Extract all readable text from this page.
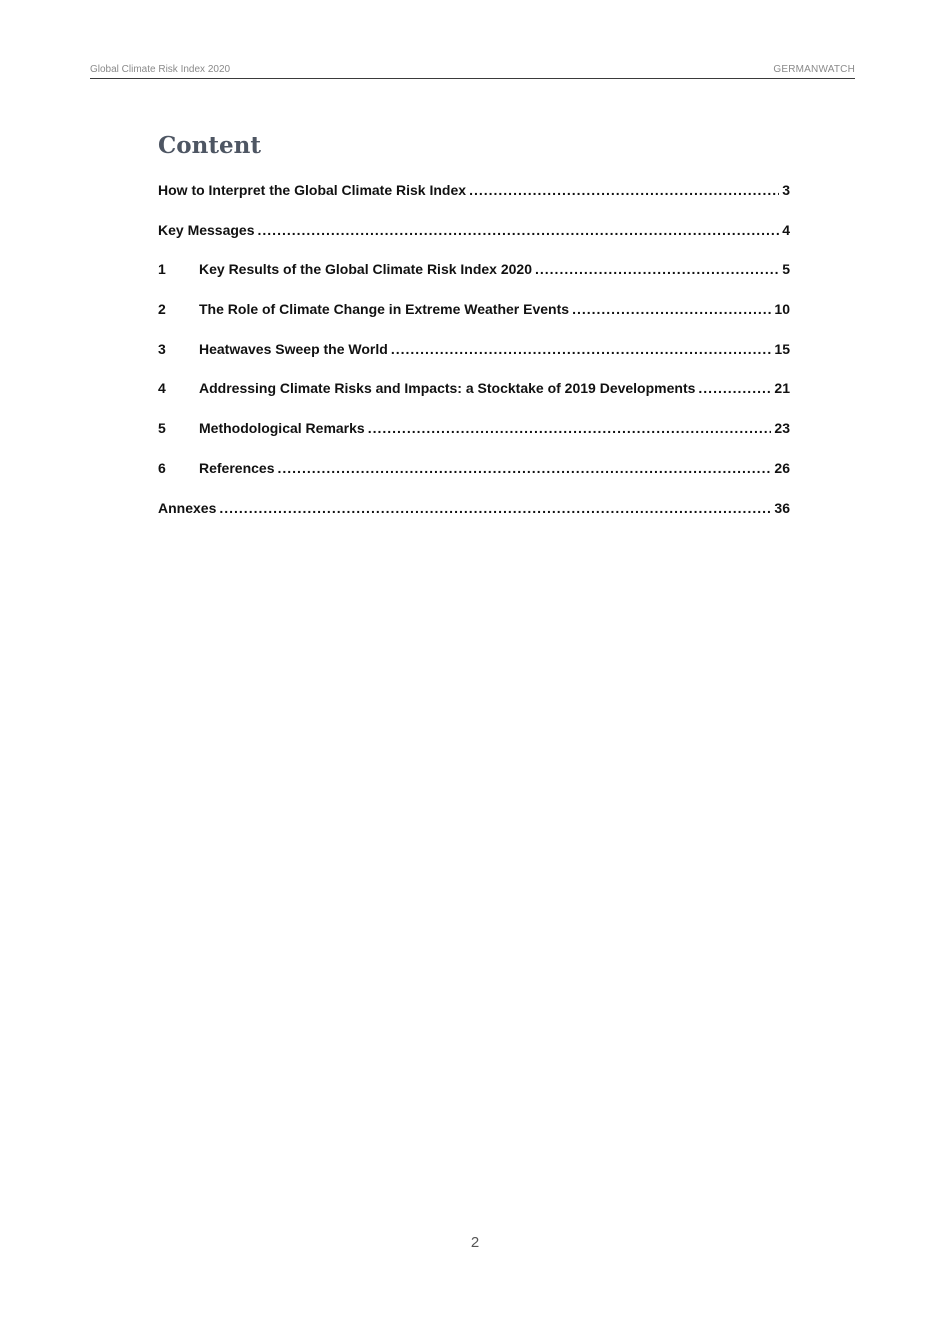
Global Climate Risk Index 2020	GERMANWATCH
Content
How to Interpret the Global Climate Risk Index .....	3
Key Messages .....	4
1	Key Results of the Global Climate Risk Index 2020 .....	5
2	The Role of Climate Change in Extreme Weather Events .....	10
3	Heatwaves Sweep the World .....	15
4	Addressing Climate Risks and Impacts: a Stocktake of 2019 Developments .....	21
5	Methodological Remarks .....	23
6	References .....	26
Annexes .....	36
2
